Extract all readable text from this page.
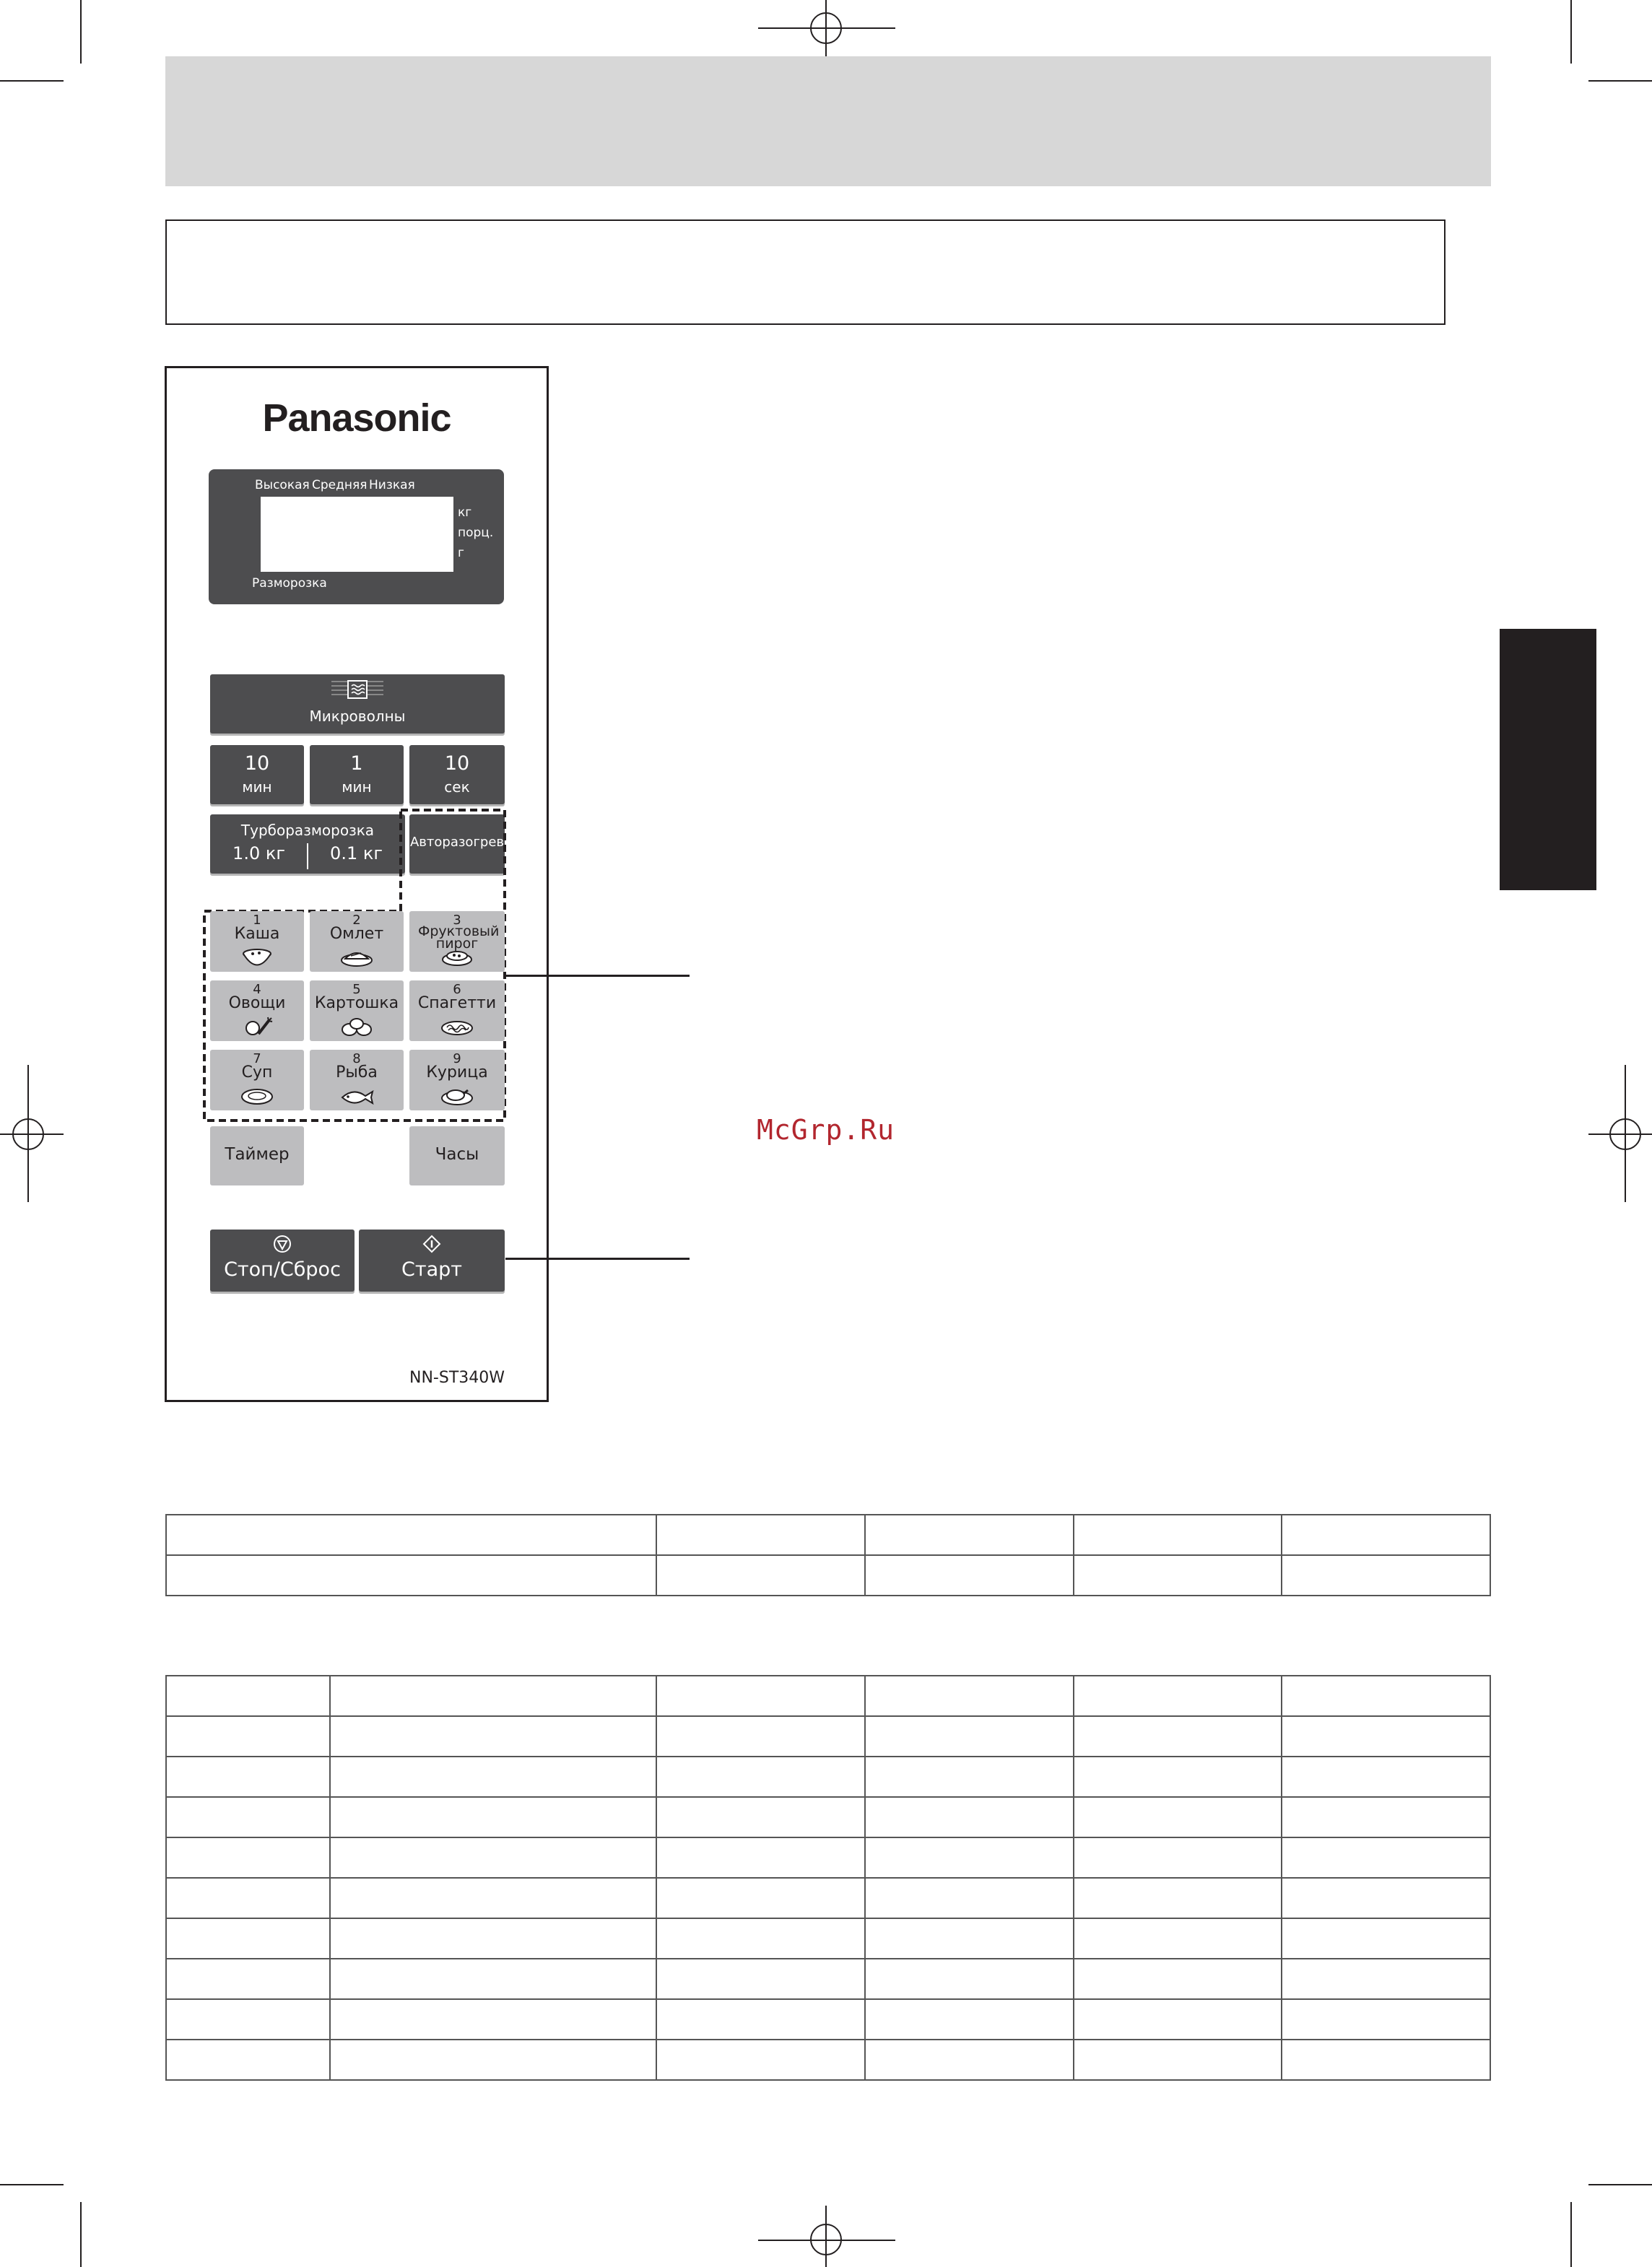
Panasonic
Высокая Средняя Низкая
кг
порц.
г
Разморозка
Микроволны
10
мин
1
мин
10
сек
Турборазморозка
1.0 кг	0.1 кг
Авторазогрев
1
Каша
2
Омлет
3
Фруктовый пирог
4
Овощи
5
Картошка
6
Спагетти
7
Суп
8
Рыба
9
Курица
Таймер	Часы
Стоп/Сброс	Старт
NN-ST340W
McGrp.Ru
